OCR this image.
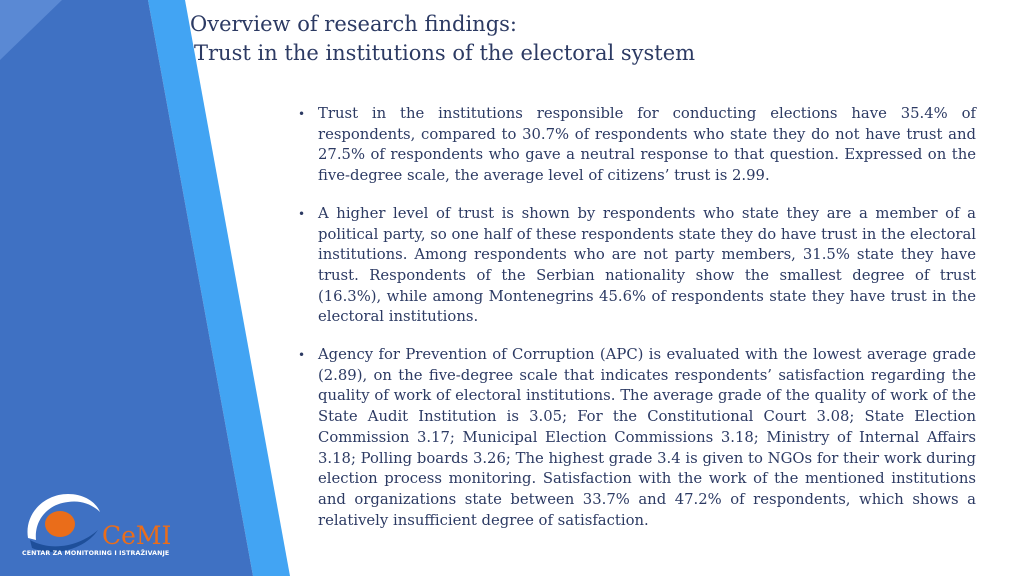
Overview of research findings:
Trust in the institutions of the electoral system
• Trust in the institutions responsible for conducting elections have 35.4% of respondents, compared to 30.7% of respondents who state they do not have trust and 27.5% of respondents who gave a neutral response to that question. Expressed on the five-degree scale, the average level of citizens’ trust is 2.99.
• A higher level of trust is shown by respondents who state they are a member of a political party, so one half of these respondents state they do have trust in the electoral institutions. Among respondents who are not party members, 31.5% state they have trust. Respondents of the Serbian nationality show the smallest degree of trust (16.3%), while among Montenegrins 45.6% of respondents state they have trust in the electoral institutions.
• Agency for Prevention of Corruption (APC) is evaluated with the lowest average grade (2.89), on the five-degree scale that indicates respondents’ satisfaction regarding the quality of work of electoral institutions. The average grade of the quality of work of the State Audit Institution is 3.05; For the Constitutional Court 3.08; State Election Commission 3.17; Municipal Election Commissions 3.18; Ministry of Internal Affairs 3.18; Polling boards 3.26; The highest grade 3.4 is given to NGOs for their work during election process monitoring. Satisfaction with the work of the mentioned institutions and organizations state between 33.7% and 47.2% of respondents, which shows a relatively insufficient degree of satisfaction.
CeMI
CENTAR ZA MONITORING I ISTRAŽIVANJE
